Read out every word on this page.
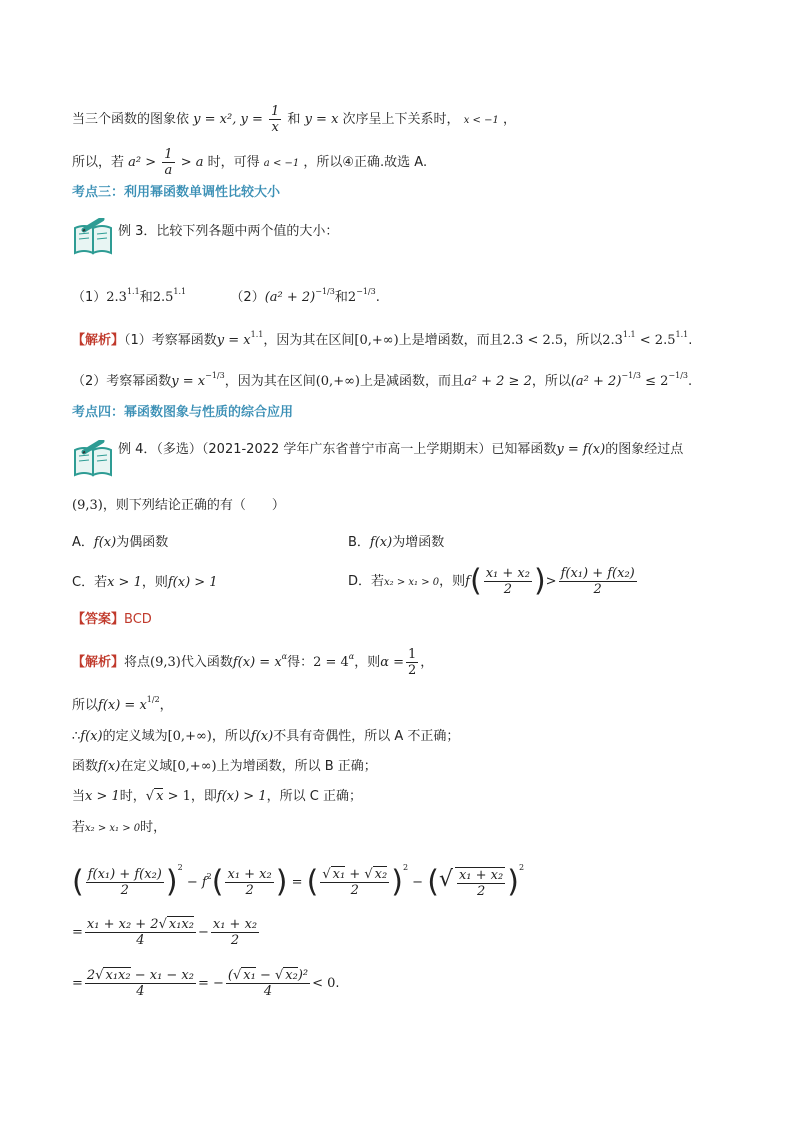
当三个函数的图象依 y = x², $y = \frac{1}{x}$ 和 y = x 次序呈上下关系时， x < −1 ，
所以，若 $a^2 > \frac{1}{a} > a$ 时，可得 a < −1 ，所以④正确.故选 A.
考点三：利用幂函数单调性比较大小
例 3．比较下列各题中两个值的大小：
$(1)2.3^{1.1}$和$2.5^{1.1}$	$(2)(a^2 + 2)^{-1/3}$和$2^{-1/3}$.
【解析】（1）考察幂函数$y = x^{1.1}$，因为其在区间[0,+∞)上是增函数，而且2.3 < 2.5，所以$2.3^{1.1} < 2.5^{1.1}$.
（2）考察幂函数$y = x^{-1/3}$，因为其在区间(0,+∞)上是减函数，而且a² + 2 ≥ 2，所以$(a^2 + 2)^{-1/3} \le 2^{-1/3}$.
考点四：幂函数图象与性质的综合应用
例 4．（多选）（2021-2022 学年广东省普宁市高一上学期期末）已知幂函数y = f(x)的图象经过点
(9,3)，则下列结论正确的有（　　）
A．f(x)为偶函数	B．f(x)为增函数
C．若x > 1，则f(x) > 1	D．若x₂ > x₁ > 0，则$f( \frac{\text{x₁ + x₂}}{2}$ )> $\frac{\text{f(x₁) + f(x₂)}}{2}$
【答案】BCD
【解析】将点(9,3)代入函数$f(x) = x^\alpha$得：$2 = 4^\alpha$，则$\alpha = \frac{1}{2}$ ，
所以$f(x) = x^{1/2}$，
∴f(x)的定义域为[0,+∞)，所以f(x)不具有奇偶性，所以 A 不正确；
函数f(x)在定义域[0,+∞)上为增函数，所以 B 正确；
当x > 1时，√ x > 1，即f(x) > 1，所以 C 正确；
若x₂ > x₁ > 0时，
( $\frac{\text{f(x₁) + f(x₂)}}{2} )^2 - f^2( \frac{\text{x₁ + x₂}}{2}$ ) = ( $\frac{\text{√ x₁ + √ x₂}}{2} )^2$ − (√ $\frac{\text{x₁ + x₂}}{2} )^2$
= $\frac{\text{x₁ + x₂ + 2√ x₁x₂}}{4} - \frac{\text{x₁ + x₂}}{2}$
= $\frac{\text{2√ x₁x₂ − x₁ − x₂}}{4}$ = − $\frac{\text{(√ x₁ − √ x₂)²}}{4} < 0$.
